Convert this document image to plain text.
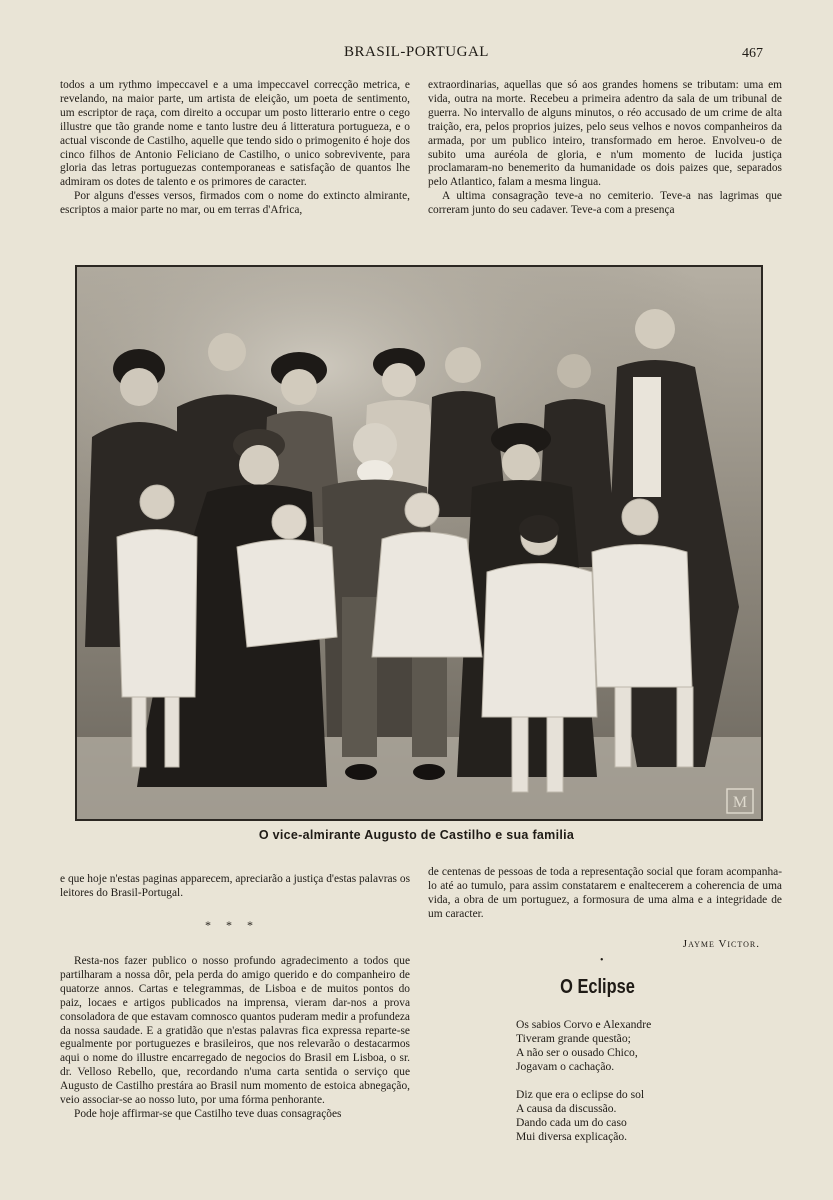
BRASIL-PORTUGAL	467

todos a um rythmo impeccavel e a uma impeccavel correcção metrica, e revelando, na maior parte, um artista de eleição, um poeta de sentimento, um escriptor de raça, com direito a occupar um posto litterario entre o cego illustre que tão grande nome e tanto lustre deu á litteratura portugueza, e o actual visconde de Castilho, aquelle que tendo sido o primogenito é hoje dos cinco filhos de Antonio Feliciano de Castilho, o unico sobrevivente, para gloria das letras portuguezas contemporaneas e satisfação de quantos lhe admiram os dotes de talento e os primores de caracter.

Por alguns d'esses versos, firmados com o nome do extincto almirante, escriptos a maior parte no mar, ou em terras d'Africa,

extraordinarias, aquellas que só aos grandes homens se tributam: uma em vida, outra na morte. Recebeu a primeira adentro da sala de um tribunal de guerra. No intervallo de alguns minutos, o réo accusado de um crime de alta traição, era, pelos proprios juizes, pelo seus velhos e novos companheiros da armada, por um publico inteiro, transformado em heroe. Envolveu-o de subito uma auréola de gloria, e n'um momento de lucida justiça proclamaram-no benemerito da humanidade os dois paizes que, separados pelo Atlantico, falam a mesma lingua.

A ultima consagração teve-a no cemiterio. Teve-a nas lagrimas que correram junto do seu cadaver. Teve-a com a presença

M
O vice-almirante Augusto de Castilho e sua familia

e que hoje n'estas paginas apparecem, apreciarão a justiça d'estas palavras os leitores do Brasil-Portugal.

* * *

Resta-nos fazer publico o nosso profundo agradecimento a todos que partilharam a nossa dôr, pela perda do amigo querido e do companheiro de quatorze annos. Cartas e telegrammas, de Lisboa e de muitos pontos do paiz, locaes e artigos publicados na imprensa, vieram dar-nos a prova consoladora de que estavam comnosco quantos puderam medir a profundeza da nossa saudade. E a gratidão que n'estas palavras fica expressa reparte-se egualmente por portuguezes e brasileiros, que nos relevarão o destacarmos aqui o nome do illustre encarregado de negocios do Brasil em Lisboa, o sr. dr. Velloso Rebello, que, recordando n'uma carta sentida o serviço que Augusto de Castilho prestára ao Brasil num momento de estoica abnegação, veio associar-se ao nosso luto, por uma fórma penhorante.

Pode hoje affirmar-se que Castilho teve duas consagrações

de centenas de pessoas de toda a representação social que foram acompanha-lo até ao tumulo, para assim constatarem e enaltecerem a coherencia de uma vida, a obra de um portuguez, a formosura de uma alma e a integridade de um caracter.

Jayme Victor.
•
O Eclipse
Os sabios Corvo e Alexandre
Tiveram grande questão;
A não ser o ousado Chico,
Jogavam o cachação.
Diz que era o eclipse do sol
A causa da discussão.
Dando cada um do caso
Mui diversa explicação.
